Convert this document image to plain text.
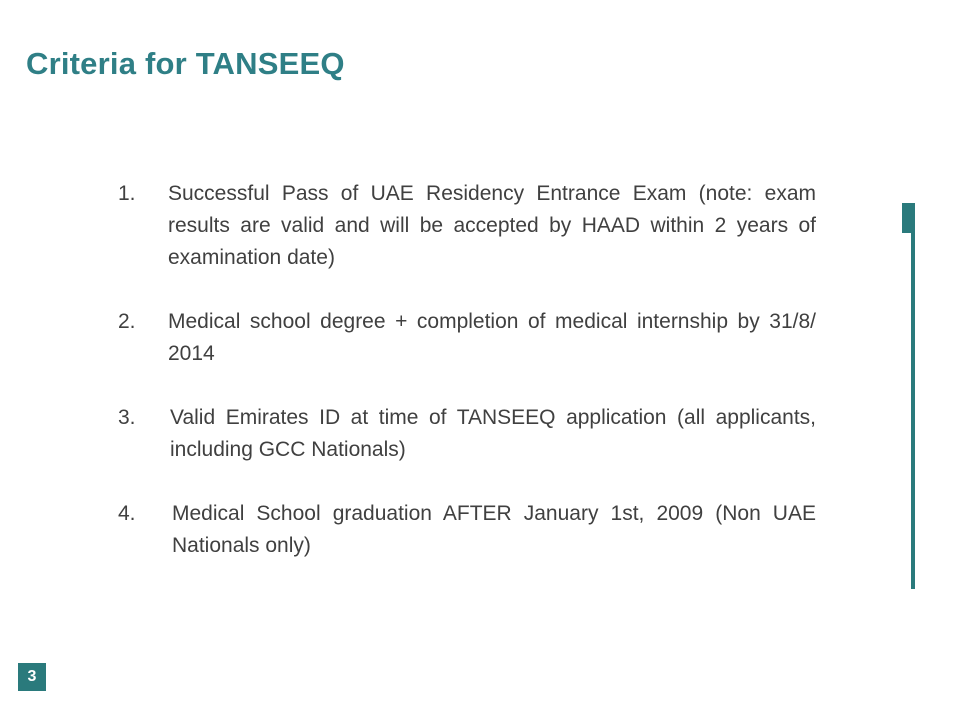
Criteria for TANSEEQ
1.	Successful Pass of UAE Residency Entrance Exam (note: exam results are valid and will be accepted by HAAD within 2 years of examination date)
2.	Medical school degree + completion of medical internship by 31/8/ 2014
3.	Valid Emirates ID at time of TANSEEQ application (all applicants, including GCC Nationals)
4.	Medical School graduation AFTER January 1st, 2009 (Non UAE Nationals only)
3
